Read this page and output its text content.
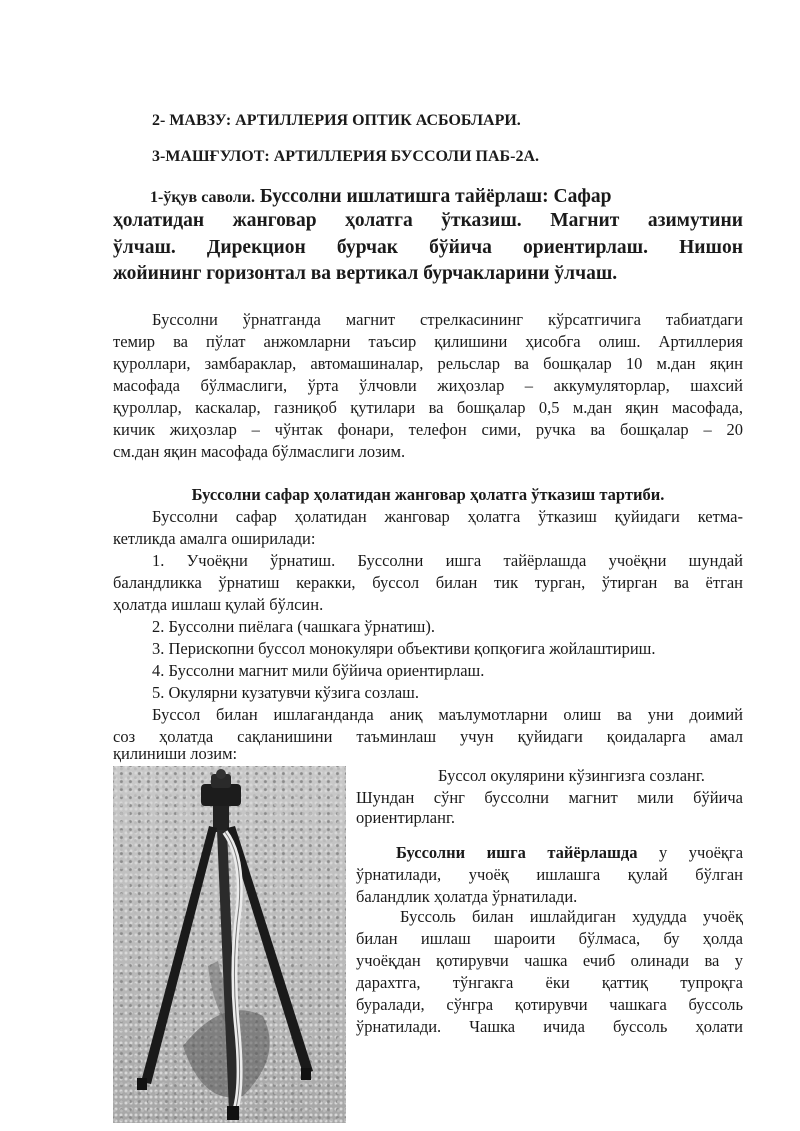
2- МАВЗУ: АРТИЛЛЕРИЯ ОПТИК АСБОБЛАРИ.
3-МАШҒУЛОТ: АРТИЛЛЕРИЯ БУССОЛИ ПАБ-2А.
1-ўқув саволи. Буссолни ишлатишга тайёрлаш: Сафар
ҳолатидан жанговар ҳолатга ўтказиш. Магнит азимутини
ўлчаш. Дирекцион бурчак бўйича ориентирлаш. Нишон
жойининг горизонтал ва вертикал бурчакларини ўлчаш.
Буссолни ўрнатганда магнит стрелкасининг кўрсатгичига табиатдаги
темир ва пўлат анжомларни таъсир қилишини ҳисобга олиш. Артиллерия
қуроллари, замбараклар, автомашиналар, рельслар ва бошқалар 10 м.дан яқин
масофада бўлмаслиги, ўрта ўлчовли жиҳозлар – аккумуляторлар, шахсий
қуроллар, каскалар, газниқоб қутилари ва бошқалар 0,5 м.дан яқин масофада,
кичик жиҳозлар – чўнтак фонари, телефон сими, ручка ва бошқалар – 20
см.дан яқин масофада бўлмаслиги лозим.
Буссолни сафар ҳолатидан жанговар ҳолатга ўтказиш тартиби.
Буссолни сафар ҳолатидан жанговар ҳолатга ўтказиш қуйидаги кетма-
кетликда амалга оширилади:
1. Учоёқни ўрнатиш. Буссолни ишга тайёрлашда учоёқни шундай
баландликка ўрнатиш керакки, буссол билан тик турган, ўтирган ва ётган
ҳолатда ишлаш қулай бўлсин.
2. Буссолни пиёлага (чашкага ўрнатиш).
3. Перископни буссол монокуляри объективи қопқоғига жойлаштириш.
4. Буссолни магнит мили бўйича ориентирлаш.
5. Окулярни кузатувчи кўзига созлаш.
Буссол билан ишлаганданда аниқ маълумотларни олиш ва уни доимий
соз ҳолатда сақланишини таъминлаш учун қуйидаги қоидаларга амал
қилиниши лозим:
Буссол окулярини кўзингизга созланг.
Шундан сўнг буссолни магнит мили бўйича
ориентирланг.
Буссолни ишга тайёрлашда у учоёқга
ўрнатилади, учоёқ ишлашга қулай бўлган
баландлик ҳолатда ўрнатилади.
Буссоль билан ишлайдиган худудда учоёқ
билан ишлаш шароити бўлмаса, бу ҳолда
учоёқдан қотирувчи чашка ечиб олинади ва у
дарахтга, тўнгакга ёки қаттиқ тупроқга
буралади, сўнгра қотирувчи чашкага буссоль
ўрнатилади. Чашка ичида буссоль ҳолати
